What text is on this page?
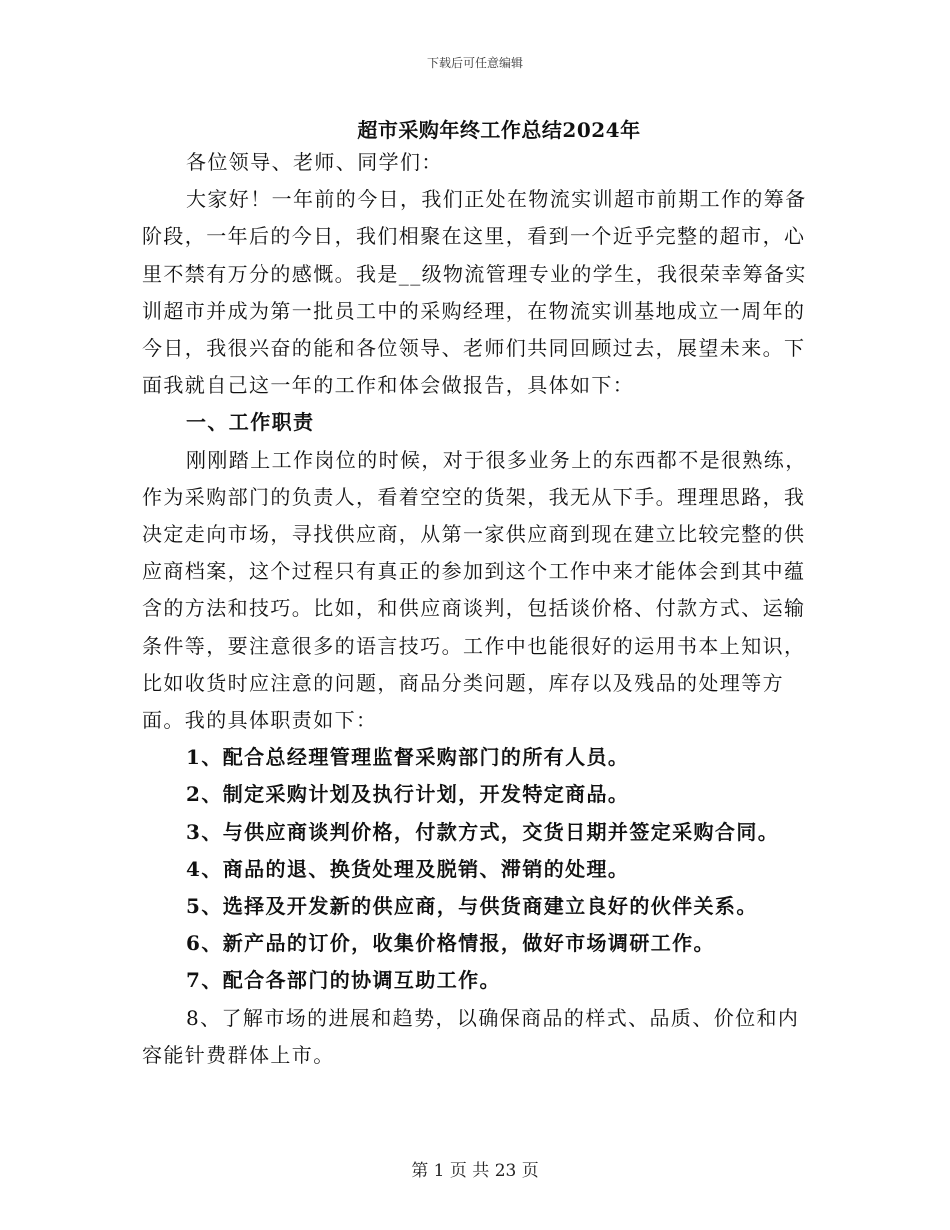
下载后可任意编辑
超市采购年终工作总结2024年

各位领导、老师、同学们：

大家好！一年前的今日，我们正处在物流实训超市前期工作的筹备阶段，一年后的今日，我们相聚在这里，看到一个近乎完整的超市，心里不禁有万分的感慨。我是__级物流管理专业的学生，我很荣幸筹备实训超市并成为第一批员工中的采购经理，在物流实训基地成立一周年的今日，我很兴奋的能和各位领导、老师们共同回顾过去，展望未来。下面我就自己这一年的工作和体会做报告，具体如下：

一、工作职责

刚刚踏上工作岗位的时候，对于很多业务上的东西都不是很熟练，作为采购部门的负责人，看着空空的货架，我无从下手。理理思路，我决定走向市场，寻找供应商，从第一家供应商到现在建立比较完整的供应商档案，这个过程只有真正的参加到这个工作中来才能体会到其中蕴含的方法和技巧。比如，和供应商谈判，包括谈价格、付款方式、运输条件等，要注意很多的语言技巧。工作中也能很好的运用书本上知识，比如收货时应注意的问题，商品分类问题，库存以及残品的处理等方面。我的具体职责如下：

1、配合总经理管理监督采购部门的所有人员。

2、制定采购计划及执行计划，开发特定商品。

3、与供应商谈判价格，付款方式，交货日期并签定采购合同。

4、商品的退、换货处理及脱销、滞销的处理。

5、选择及开发新的供应商，与供货商建立良好的伙伴关系。

6、新产品的订价，收集价格情报，做好市场调研工作。

7、配合各部门的协调互助工作。

8、了解市场的进展和趋势，以确保商品的样式、品质、价位和内容能针费群体上市。

第 1 页 共 23 页
